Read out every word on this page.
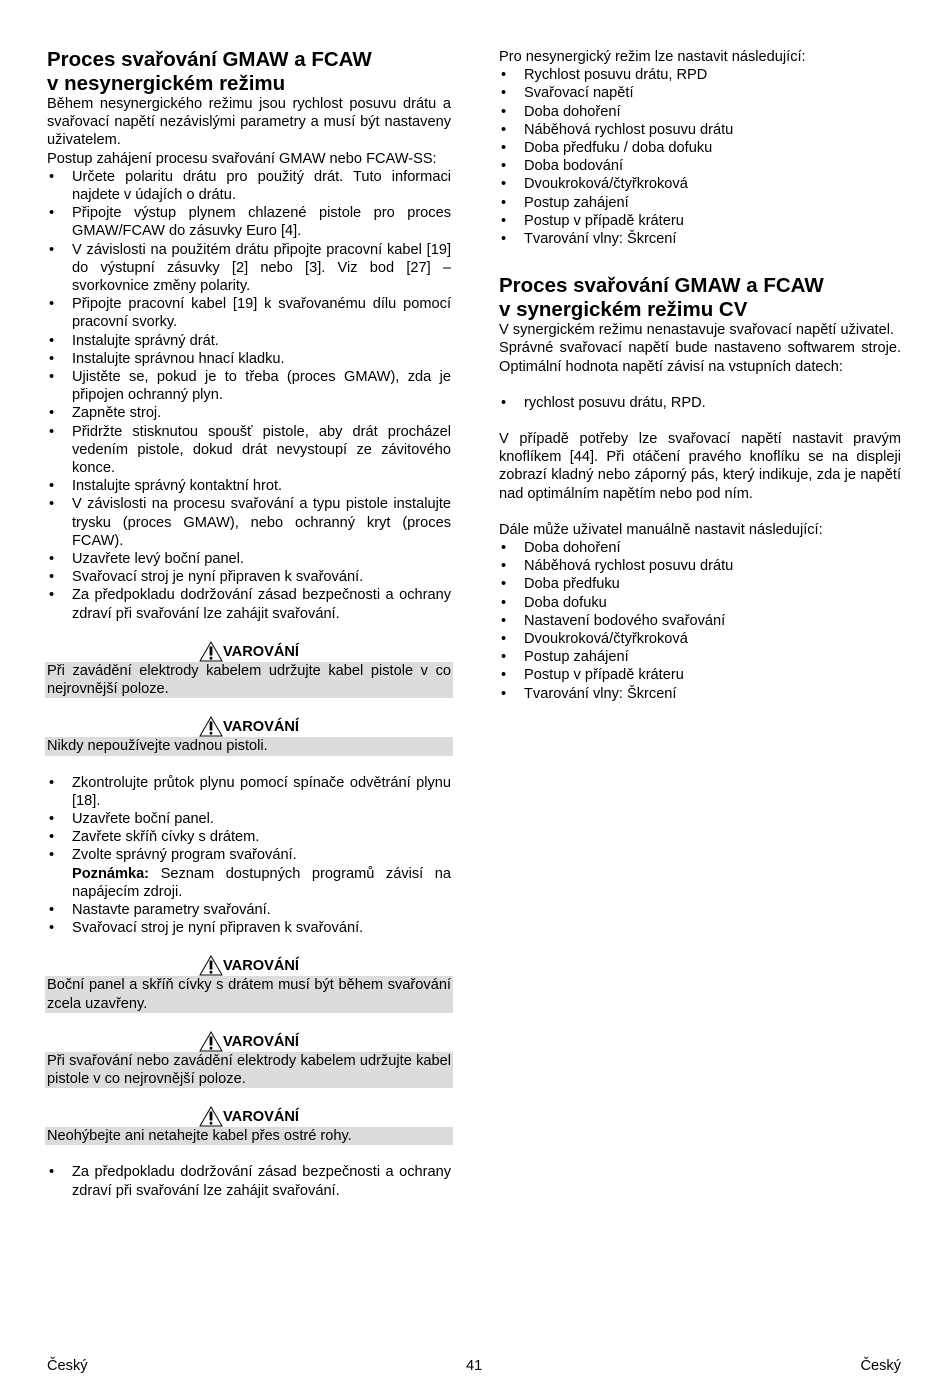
Proces svařování GMAW a FCAW
v nesynergickém režimu

Během nesynergického režimu jsou rychlost posuvu drátu a svařovací napětí nezávislými parametry a musí být nastaveny uživatelem.

Postup zahájení procesu svařování GMAW nebo FCAW-SS:

• Určete polaritu drátu pro použitý drát. Tuto informaci najdete v údajích o drátu.
• Připojte výstup plynem chlazené pistole pro proces GMAW/FCAW do zásuvky Euro [4].
• V závislosti na použitém drátu připojte pracovní kabel [19] do výstupní zásuvky [2] nebo [3]. Viz bod [27] – svorkovnice změny polarity.
• Připojte pracovní kabel [19] k svařovanému dílu pomocí pracovní svorky.
• Instalujte správný drát.
• Instalujte správnou hnací kladku.
• Ujistěte se, pokud je to třeba (proces GMAW), zda je připojen ochranný plyn.
• Zapněte stroj.
• Přidržte stisknutou spoušť pistole, aby drát procházel vedením pistole, dokud drát nevystoupí ze závitového konce.
• Instalujte správný kontaktní hrot.
• V závislosti na procesu svařování a typu pistole instalujte trysku (proces GMAW), nebo ochranný kryt (proces FCAW).
• Uzavřete levý boční panel.
• Svařovací stroj je nyní připraven k svařování.
• Za předpokladu dodržování zásad bezpečnosti a ochrany zdraví při svařování lze zahájit svařování.
VAROVÁNÍ
Při zavádění elektrody kabelem udržujte kabel pistole v co nejrovnější poloze.
VAROVÁNÍ
Nikdy nepoužívejte vadnou pistoli.
• Zkontrolujte průtok plynu pomocí spínače odvětrání plynu [18].
• Uzavřete boční panel.
• Zavřete skříň cívky s drátem.
• Zvolte správný program svařování.
Poznámka: Seznam dostupných programů závisí na napájecím zdroji.
• Nastavte parametry svařování.
• Svařovací stroj je nyní připraven k svařování.
VAROVÁNÍ
Boční panel a skříň cívky s drátem musí být během svařování zcela uzavřeny.
VAROVÁNÍ
Při svařování nebo zavádění elektrody kabelem udržujte kabel pistole v co nejrovnější poloze.
VAROVÁNÍ
Neohýbejte ani netahejte kabel přes ostré rohy.
• Za předpokladu dodržování zásad bezpečnosti a ochrany zdraví při svařování lze zahájit svařování.

Pro nesynergický režim lze nastavit následující:

• Rychlost posuvu drátu, RPD
• Svařovací napětí
• Doba dohoření
• Náběhová rychlost posuvu drátu
• Doba předfuku / doba dofuku
• Doba bodování
• Dvoukroková/čtyřkroková
• Postup zahájení
• Postup v případě kráteru
• Tvarování vlny: Škrcení
Proces svařování GMAW a FCAW
v synergickém režimu CV

V synergickém režimu nenastavuje svařovací napětí uživatel.

Správné svařovací napětí bude nastaveno softwarem stroje. Optimální hodnota napětí závisí na vstupních datech:

• rychlost posuvu drátu, RPD.

V případě potřeby lze svařovací napětí nastavit pravým knoflíkem [44]. Při otáčení pravého knoflíku se na displeji zobrazí kladný nebo záporný pás, který indikuje, zda je napětí nad optimálním napětím nebo pod ním.

Dále může uživatel manuálně nastavit následující:

• Doba dohoření
• Náběhová rychlost posuvu drátu
• Doba předfuku
• Doba dofuku
• Nastavení bodového svařování
• Dvoukroková/čtyřkroková
• Postup zahájení
• Postup v případě kráteru
• Tvarování vlny: Škrcení
Český	41	Český
